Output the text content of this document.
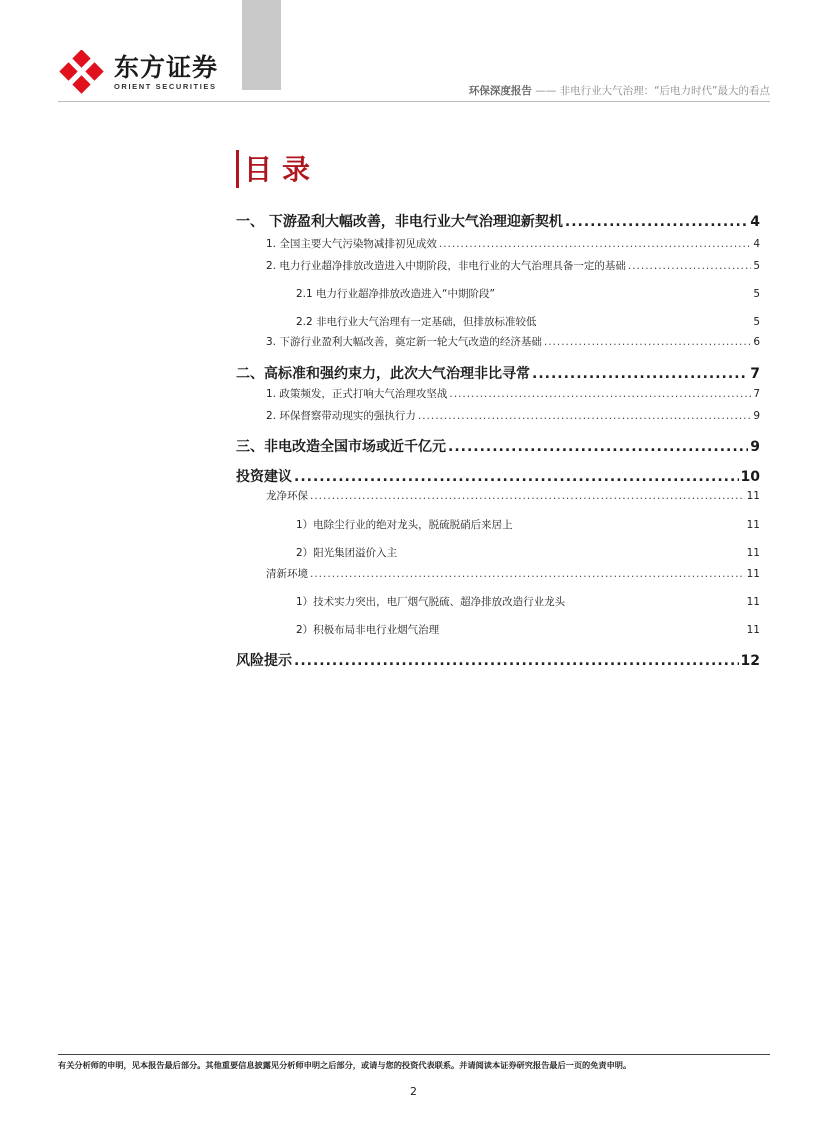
东方证券
ORIENT SECURITIES	环保深度报告 —— 非电行业大气治理：“后电力时代”最大的看点
目录
一、 下游盈利大幅改善，非电行业大气治理迎新契机 .....	4
1. 全国主要大气污染物减排初见成效 .....	4
2. 电力行业超净排放改造进入中期阶段，非电行业的大气治理具备一定的基础 .....	5
2.1 电力行业超净排放改造进入“中期阶段”	5
2.2 非电行业大气治理有一定基础，但排放标准较低	5
3. 下游行业盈利大幅改善，奠定新一轮大气改造的经济基础 .....	6
二、高标准和强约束力，此次大气治理非比寻常 .....	7
1. 政策频发，正式打响大气治理攻坚战 .....	7
2. 环保督察带动现实的强执行力 .....	9
三、非电改造全国市场或近千亿元 .....	9
投资建议 .....	10
龙净环保 .....	11
1）电除尘行业的绝对龙头，脱硫脱硝后来居上	11
2）阳光集团溢价入主	11
清新环境 .....	11
1）技术实力突出，电厂烟气脱硫、超净排放改造行业龙头	11
2）积极布局非电行业烟气治理	11
风险提示 .....	12
有关分析师的申明，见本报告最后部分。其他重要信息披露见分析师申明之后部分，或请与您的投资代表联系。并请阅读本证券研究报告最后一页的免责申明。
2
